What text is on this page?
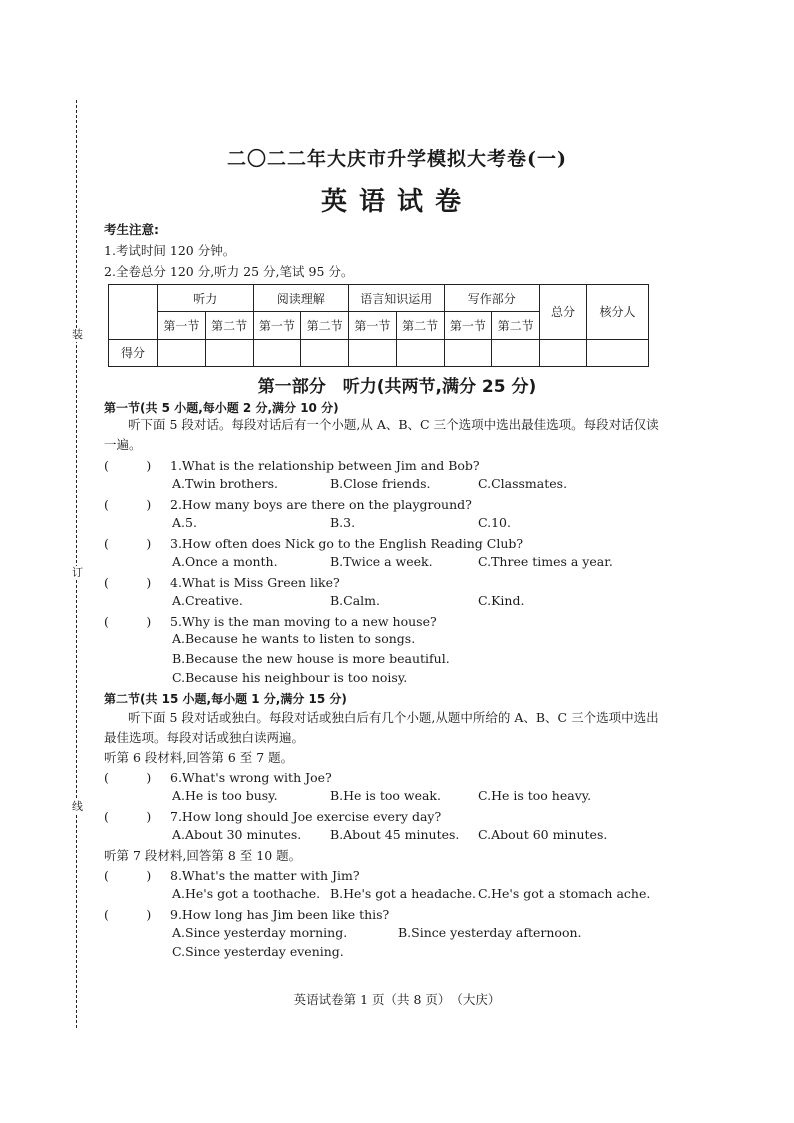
装
订
线
二〇二二年大庆市升学模拟大考卷(一)
英语试卷
考生注意:
1.考试时间 120 分钟。
2.全卷总分 120 分,听力 25 分,笔试 95 分。
	听力		阅读理解		语言知识运用		写作部分		总分	核分人
	第一节	第二节	第一节	第二节	第一节	第二节	第一节	第二节		
得分										
第一部分　听力(共两节,满分 25 分)
第一节(共 5 小题,每小题 2 分,满分 10 分)
听下面 5 段对话。每段对话后有一个小题,从 A、B、C 三个选项中选出最佳选项。每段对话仅读一遍。
(　　　) 1.What is the relationship between Jim and Bob?
A.Twin brothers.	B.Close friends.	C.Classmates.
(　　　) 2.How many boys are there on the playground?
A.5.	B.3.	C.10.
(　　　) 3.How often does Nick go to the English Reading Club?
A.Once a month.	B.Twice a week.	C.Three times a year.
(　　　) 4.What is Miss Green like?
A.Creative.	B.Calm.	C.Kind.
(　　　) 5.Why is the man moving to a new house?
A.Because he wants to listen to songs.
B.Because the new house is more beautiful.
C.Because his neighbour is too noisy.
第二节(共 15 小题,每小题 1 分,满分 15 分)
听下面 5 段对话或独白。每段对话或独白后有几个小题,从题中所给的 A、B、C 三个选项中选出最佳选项。每段对话或独白读两遍。
听第 6 段材料,回答第 6 至 7 题。
(　　　) 6.What's wrong with Joe?
A.He is too busy.	B.He is too weak.	C.He is too heavy.
(　　　) 7.How long should Joe exercise every day?
A.About 30 minutes. B.About 45 minutes. C.About 60 minutes.
听第 7 段材料,回答第 8 至 10 题。
(　　　) 8.What's the matter with Jim?
A.He's got a toothache. B.He's got a headache. C.He's got a stomach ache.
(　　　) 9.How long has Jim been like this?
A.Since yesterday morning.	B.Since yesterday afternoon.
C.Since yesterday evening.
英语试卷第 1 页（共 8 页）　（大庆）
